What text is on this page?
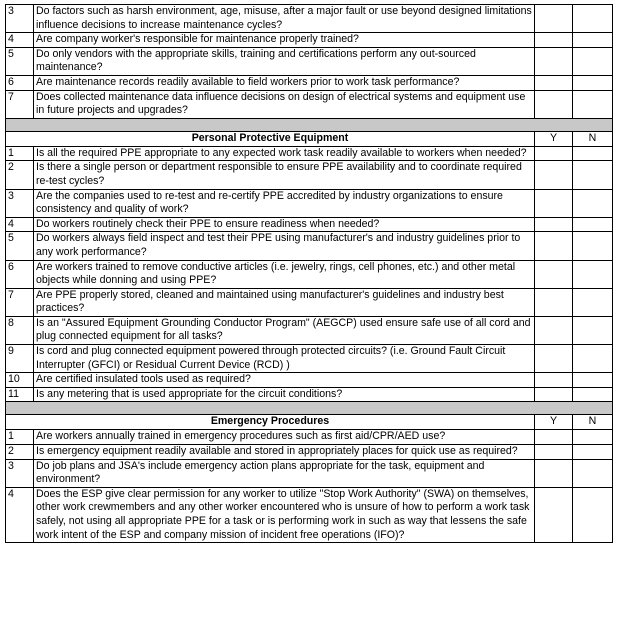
3	Do factors such as harsh environment, age, misuse, after a major fault or use beyond designed limitations influence decisions to increase maintenance cycles?		
4	Are company worker's responsible for maintenance properly trained?		
5	Do only vendors with the appropriate skills, training and certifications perform any out-sourced maintenance?		
6	Are maintenance records readily available to field workers prior to work task performance?		
7	Does collected maintenance data influence decisions on design of electrical systems and equipment use in future projects and upgrades?		

Personal Protective Equipment		Y	N
1	Is all the required PPE appropriate to any expected work task readily available to workers when needed?		
2	Is there a single person or department responsible to ensure PPE availability and to coordinate required re-test cycles?		
3	Are the companies used to re-test and re-certify PPE accredited by industry organizations to ensure consistency and quality of work?		
4	Do workers routinely check their PPE to ensure readiness when needed?		
5	Do workers always field inspect and test their PPE using manufacturer's and industry guidelines prior to any work performance?		
6	Are workers trained to remove conductive articles (i.e. jewelry, rings, cell phones, etc.) and other metal objects while donning and using PPE?		
7	Are PPE properly stored, cleaned and maintained using manufacturer's guidelines and industry best practices?		
8	Is an "Assured Equipment Grounding Conductor Program" (AEGCP) used ensure safe use of all cord and plug connected equipment for all tasks?		
9	Is cord and plug connected equipment powered through protected circuits? (i.e. Ground Fault Circuit Interrupter (GFCI) or Residual Current Device (RCD) )		
10	Are certified insulated tools used as required?		
11	Is any metering that is used appropriate for the circuit conditions?		

Emergency Procedures		Y	N
1	Are workers annually trained in emergency procedures such as first aid/CPR/AED use?		
2	Is emergency equipment readily available and stored in appropriately places for quick use as required?		
3	Do job plans and JSA's include emergency action plans appropriate for the task, equipment and environment?		
4	Does the ESP give clear permission for any worker to utilize "Stop Work Authority" (SWA) on themselves, other work crewmembers and any other worker encountered who is unsure of how to perform a work task safely, not using all appropriate PPE for a task or is performing work in such as way that lessens the safe work intent of the ESP and company mission of incident free operations (IFO)?		
